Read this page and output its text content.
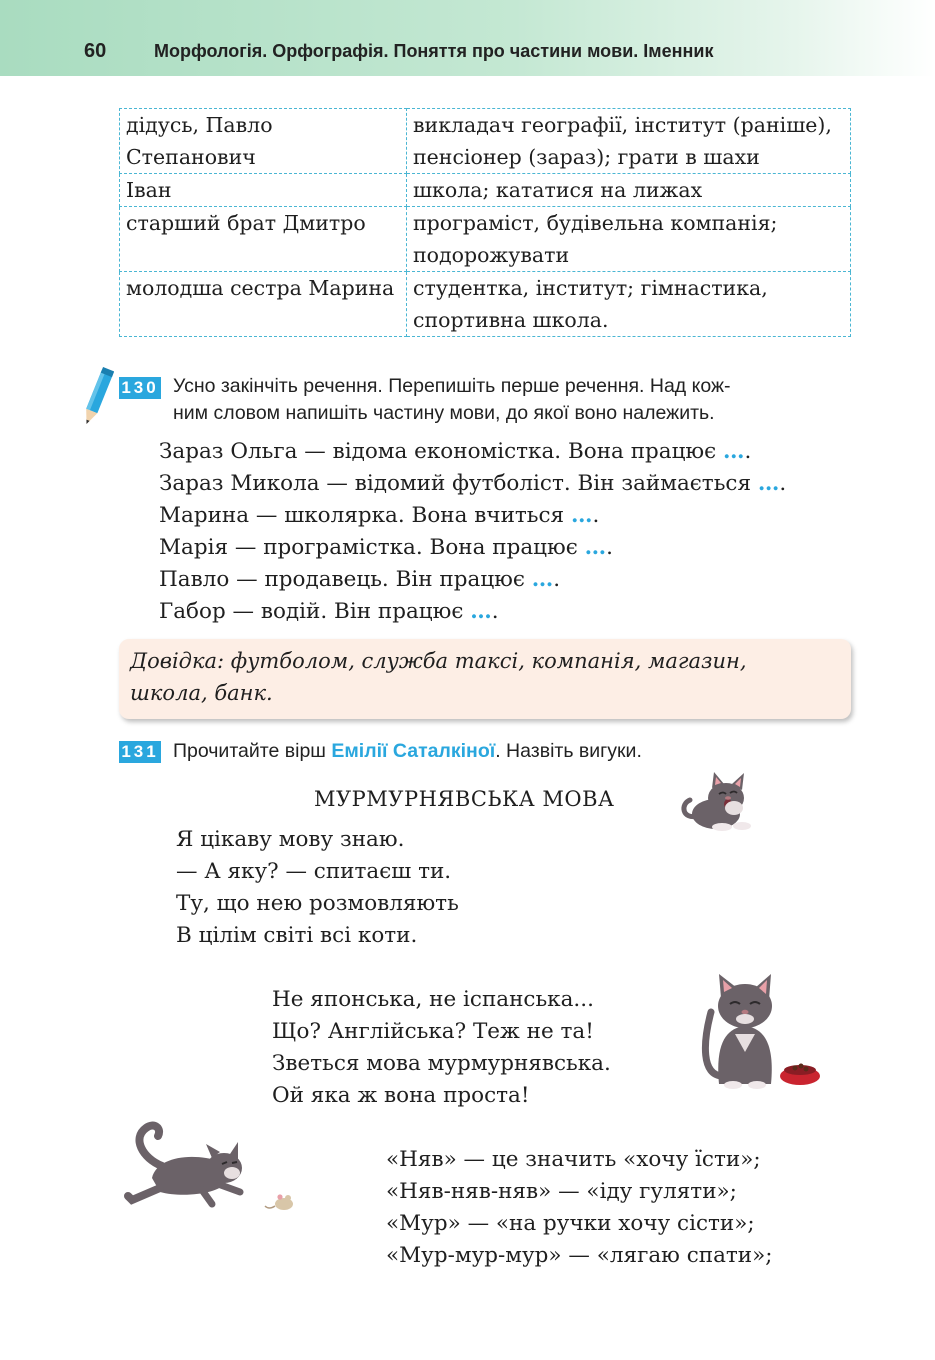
60	Морфологія. Орфографія. Поняття про частини мови. Іменник
дідусь, Павло Степанович	викладач географії, інститут (раніше), пенсіонер (зараз); грати в шахи
Іван	школа; кататися на лижах
старший брат Дмитро	програміст, будівельна компанія; подорожувати
молодша сестра Марина	студентка, інститут; гімнастика, спортивна школа.
130 Усно закінчіть речення. Перепишіть перше речення. Над кож-
ним словом напишіть частину мови, до якої воно належить.
Зараз Ольга — відома економістка. Вона працює ….
Зараз Микола — відомий футболіст. Він займається ….
Марина — школярка. Вона вчиться ….
Марія — програмістка. Вона працює ….
Павло — продавець. Він працює ….
Габор — водій. Він працює ….
Довідка: футболом, служба таксі, компанія, магазин,
школа, банк.
131 Прочитайте вірш Емілії Саталкіної. Назвіть вигуки.
МУРМУРНЯВСЬКА МОВА
Я цікаву мову знаю.
— А яку? — спитаєш ти.
Ту, що нею розмовляють
В цілім світі всі коти.
Не японська, не іспанська...
Що? Англійська? Теж не та!
Зветься мова мурмурнявська.
Ой яка ж вона проста!
«Няв» — це значить «хочу їсти»;
«Няв-няв-няв» — «іду гуляти»;
«Мур» — «на ручки хочу сісти»;
«Мур-мур-мур» — «лягаю спати»;
